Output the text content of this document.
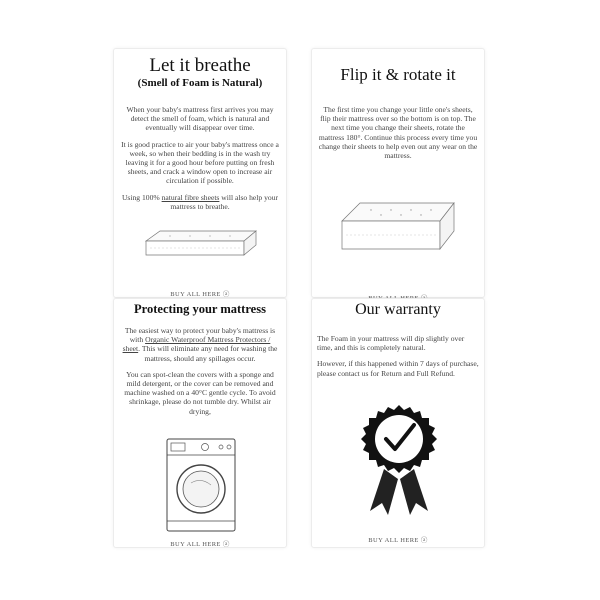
Let it breathe
(Smell of Foam is Natural)

When your baby's mattress first arrives you may detect the smell of foam, which is natural and eventually will disappear over time.

It is good practice to air your baby's mattress once a week, so when their bedding is in the wash try leaving it for a good hour before putting on fresh sheets, and crack a window open to increase air circulation if possible.

Using 100% natural fibre sheets will also help your mattress to breathe.

BUY ALL HERE ⓐ
Flip it & rotate it

The first time you change your little one's sheets, flip their mattress over so the bottom is on top. The next time you change their sheets, rotate the mattress 180°. Continue this process every time you change their sheets to help even out any wear on the mattress.

Protecting your mattress

The easiest way to protect your baby's mattress is with Organic Waterproof Mattress Protectors / sheet. This will eliminate any need for washing the mattress, should any spillages occur.

You can spot-clean the covers with a sponge and mild detergent, or the cover can be removed and machine washed on a 40°C gentle cycle. To avoid shrinkage, please do not tumble dry. Whilst air drying,

BUY ALL HERE ⓐ
Our warranty

The Foam in your mattress will dip slightly over time, and this is completely natural.

However, if this happened within 7 days of purchase, please contact us for Return and Full Refund.

BUY ALL HERE ⓐ
